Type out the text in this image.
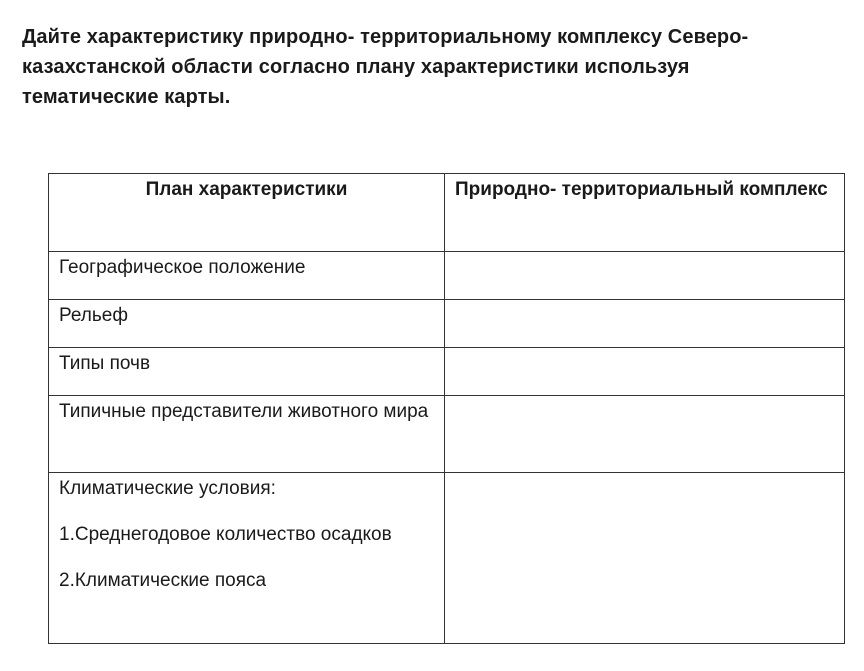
Дайте характеристику природно- территориальному комплексу Северо-
казахстанской области согласно плану характеристики используя
тематические карты.
План характеристики	Природно- территориальный комплекс
Географическое положение	
Рельеф	
Типы почв	
Типичные представители животного мира	

Климатические условия:
1.Среднегодовое количество осадков
2.Климатические пояса	
